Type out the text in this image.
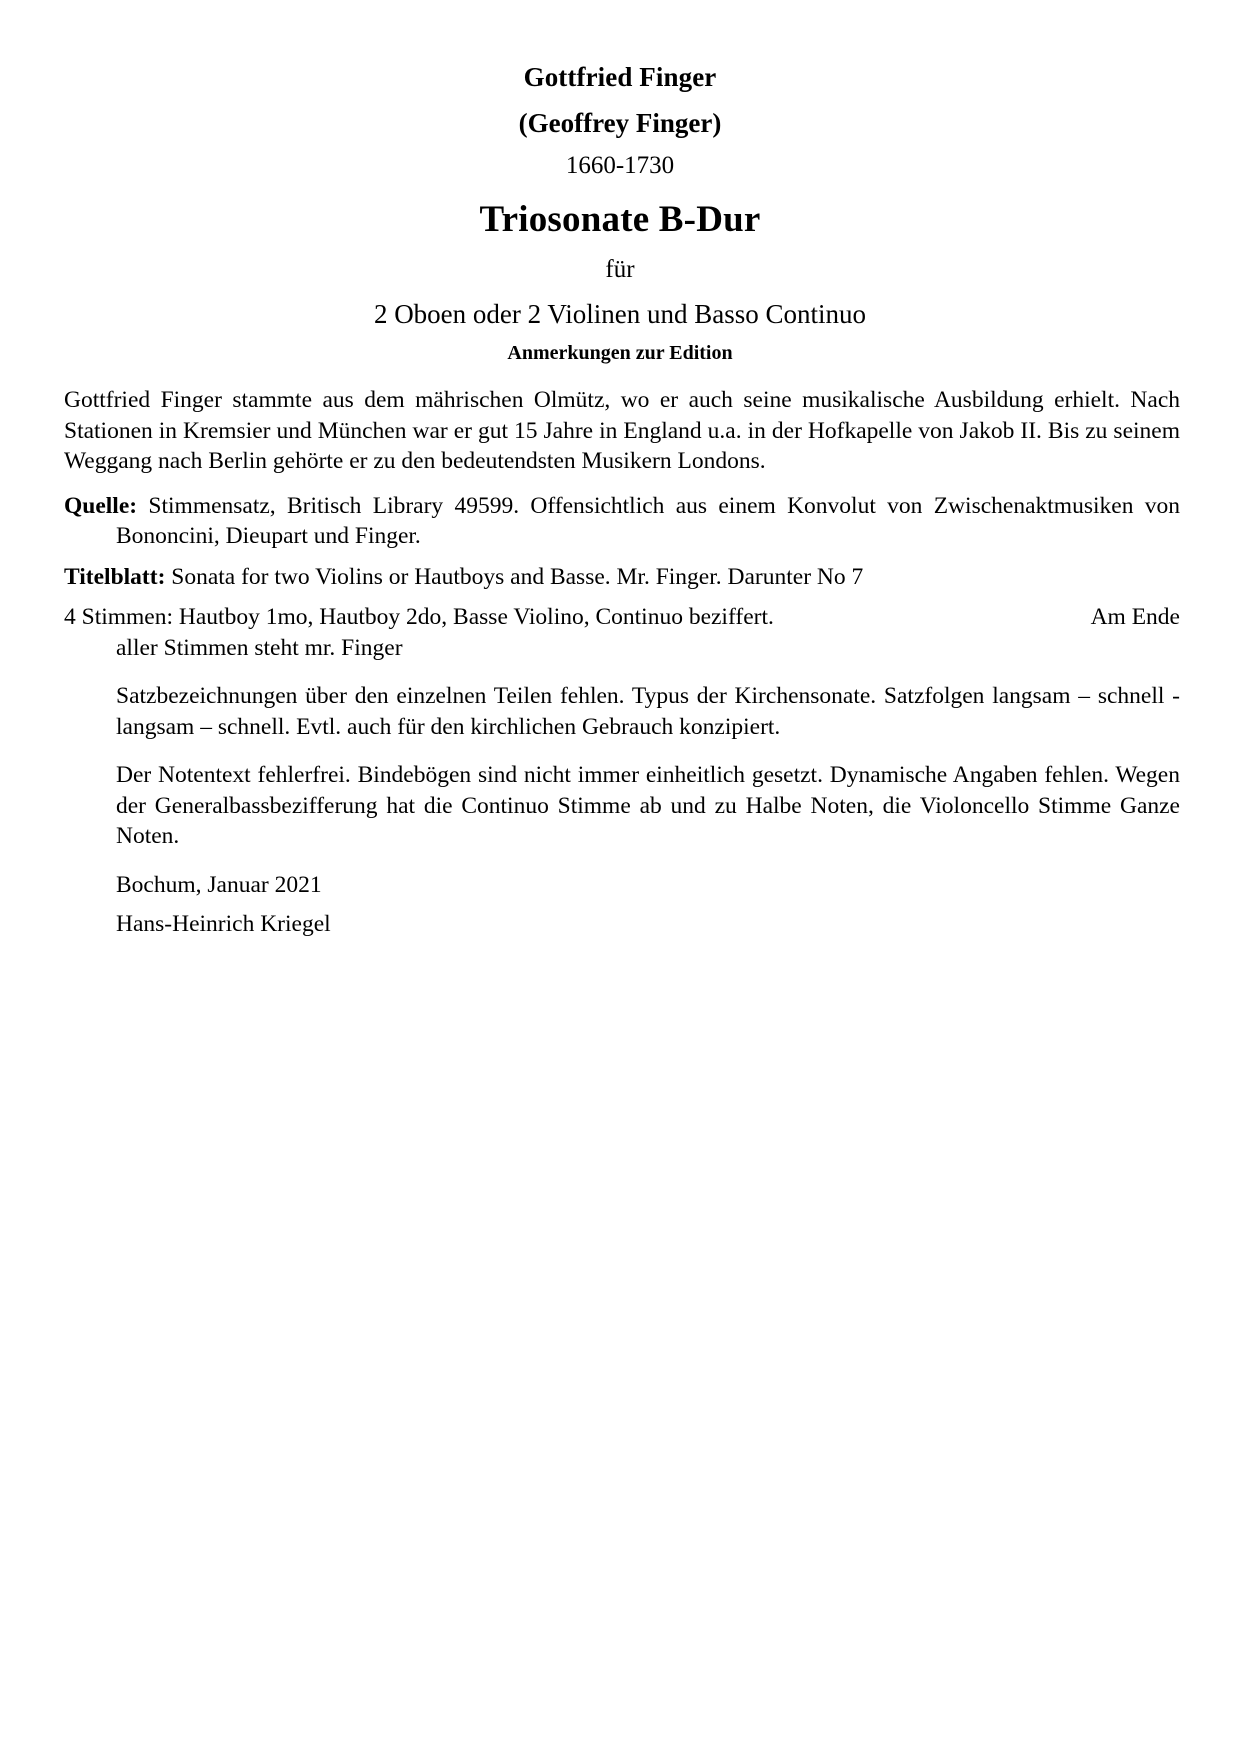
Gottfried Finger
(Geoffrey Finger)
1660-1730
Triosonate B-Dur
für
2 Oboen oder 2 Violinen und Basso Continuo
Anmerkungen zur Edition

Gottfried Finger stammte aus dem mährischen Olmütz, wo er auch seine musikalische Ausbildung erhielt. Nach Stationen in Kremsier und München war er gut 15 Jahre in England u.a. in der Hofkapelle von Jakob II. Bis zu seinem Weggang nach Berlin gehörte er zu den bedeutendsten Musikern Londons.

Quelle: Stimmensatz, Britisch Library 49599. Offensichtlich aus einem Konvolut von Zwischenaktmusiken von Bononcini, Dieupart und Finger.

Titelblatt: Sonata for two Violins or Hautboys and Basse. Mr. Finger. Darunter No 7

4 Stimmen: Hautboy 1mo, Hautboy 2do, Basse Violino, Continuo beziffert.	Am Ende

aller Stimmen steht mr. Finger

Satzbezeichnungen über den einzelnen Teilen fehlen. Typus der Kirchensonate. Satzfolgen langsam – schnell - langsam – schnell. Evtl. auch für den kirchlichen Gebrauch konzipiert.

Der Notentext fehlerfrei. Bindebögen sind nicht immer einheitlich gesetzt. Dynamische Angaben fehlen. Wegen der Generalbassbezifferung hat die Continuo Stimme ab und zu Halbe Noten, die Violoncello Stimme Ganze Noten.

Bochum, Januar 2021

Hans-Heinrich Kriegel
